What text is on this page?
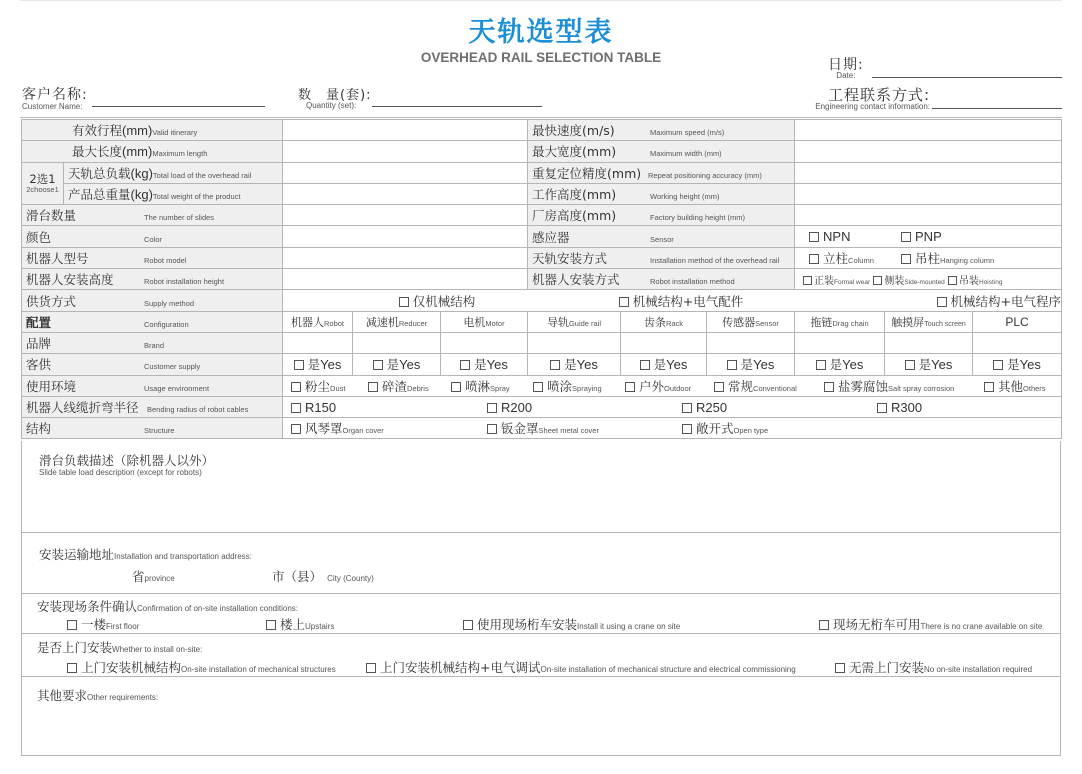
天轨选型表
OVERHEAD RAIL SELECTION TABLE
客户名称:
Customer Name:
数　量(套):
Quantity (set):
日期:
Date:
工程联系方式:
Engineering contact information:
有效行程(mm)Valid itinerary					最快速度(m/s) Maximum speed (m/s)					
最大长度(mm)Maximum length					最大宽度(mm) Maximum width (mm)					

2选1
2choose1	天轨总负载(kg)Total load of the overhead rail				重复定位精度(mm) Repeat positioning accuracy (mm)					
	产品总重量(kg)Total weight of the product				工作高度(mm) Working height (mm)					
滑台数量 The number of slides					厂房高度(mm) Factory building height (mm)					
颜色 Color					感应器 Sensor			NPN PNP		
机器人型号 Robot model					天轨安装方式 Installation method of the overhead rail			立柱Column 吊柱Hanging column		
机器人安装高度 Robot installation height					机器人安装方式 Robot installation method			正装Formal wear 侧装Side-mounted 吊装Hoisting		
供货方式 Supply method		仅机械结构 机械结构+电气配件 机械结构+电气程序								
配置 Configuration		机器人Robot	减速机Reducer	电机Motor	导轨Guide rail	齿条Rack	传感器Sensor	拖链Drag chain	触摸屏Touch screen	PLC
品牌 Brand										
客供 Customer supply		是Yes	是Yes	是Yes	是Yes	是Yes	是Yes	是Yes	是Yes	是Yes
使用环境 Usage environment		粉尘Dust 碎渣Debris 喷淋Spray 喷涂Spraying 户外Outdoor 常规Conventional 盐雾腐蚀Salt spray corrosion 其他Others								
机器人线缆折弯半径 Bending radius of robot cables		R150 R200 R250 R300								
结构 Structure		风琴罩Organ cover 钣金罩Sheet metal cover 敞开式Open type								
滑台负载描述（除机器人以外）
Slide table load description (except for robots)
安装运输地址Installation and transportation address:
省province	市（县） City (County)
安装现场条件确认Confirmation of on-site installation conditions:
一楼First floor	楼上Upstairs	使用现场桁车安装Install it using a crane on site	现场无桁车可用There is no crane available on site
是否上门安装Whether to install on-site:
上门安装机械结构On-site installation of mechanical structures	上门安装机械结构+电气调试On-site installation of mechanical structure and electrical commissioning	无需上门安装No on-site installation required
其他要求Other requirements:
